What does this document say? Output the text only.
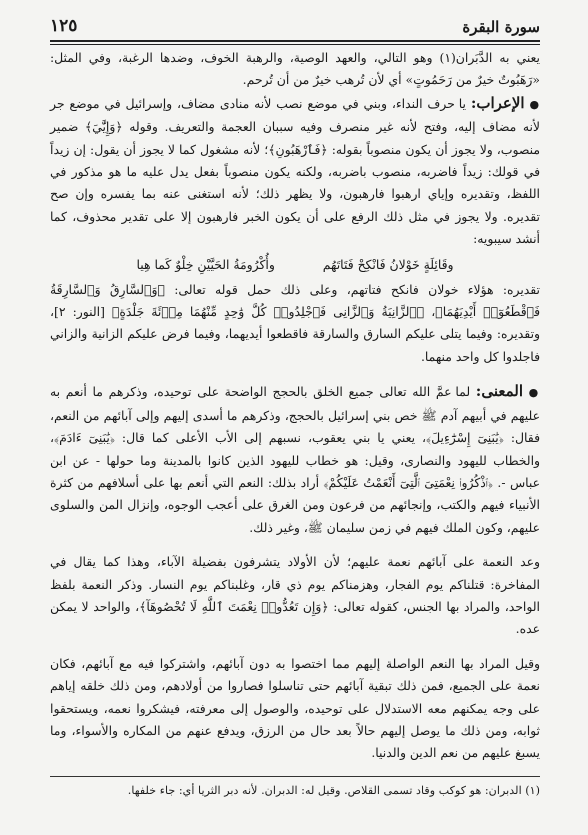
سورة البقرة
١٢٥

يعني به الدَّبَران(١) وهو التالي، والعهد الوصية، والرهبة الخوف، وضدها الرغبة، وفي المثل: «رَهَبُوتٌ خيرٌ من رَحَمُوتٍ» أي لأن تُرهب خيرٌ من أن تُرحم.

● الإعراب: يا حرف النداء، وبني في موضع نصب لأنه منادى مضاف، وإسرائيل في موضع جر لأنه مضاف إليه، وفتح لأنه غير منصرف وفيه سببان العجمة والتعريف. وقوله ﴿وَإِيَّٰيَ﴾ ضمير منصوب، ولا يجوز أن يكون منصوباً بقوله: ﴿فَٱرْهَبُونِ﴾؛ لأنه مشغول كما لا يجوز أن يقول: إن زيداً في قولك: زيداً فاضربه، منصوب باضربه، ولكنه يكون منصوباً بفعل يدل عليه ما هو مذكور في اللفظ، وتقديره وإياي ارهبوا فارهبون، ولا يظهر ذلك؛ لأنه استغنى عنه بما يفسره وإن صح تقديره. ولا يجوز في مثل ذلك الرفع على أن يكون الخبر فارهبون إلا على تقدير محذوف، كما أنشد سيبويه:

وقَائِلَةٍ خَوْلانُ فَانْكِحْ فَتَاتَهُم وأُكْرُومَةُ الحَيَّيْنِ خِلْوٌ كَما هِيا

تقديره: هؤلاء خولان فانكح فتاتهم، وعلى ذلك حمل قوله تعالى: ﴿وَٱلسَّارِقُ وَٱلسَّارِقَةُ فَٱقْطَعُوٓا۟ أَيْدِيَهُمَا﴾، ﴿ٱلزَّانِيَةُ وَٱلزَّانِى فَٱجْلِدُوا۟ كُلَّ وَٰحِدٍ مِّنْهُمَا مِا۟ئَةَ جَلْدَةٍ﴾ [النور: ٢]، وتقديره: وفيما يتلى عليكم السارق والسارقة فاقطعوا أيديهما، وفيما فرض عليكم الزانية والزاني فاجلدوا كل واحد منهما.

● المعنى: لما عمَّ الله تعالى جميع الخلق بالحجج الواضحة على توحيده، وذكرهم ما أنعم به عليهم في أبيهم آدم ﷺ خص بني إسرائيل بالحجج، وذكرهم ما أسدى إليهم وإلى آبائهم من النعم، فقال: ﴿يَٰبَنِىٓ إِسْرَٰٓءِيلَ﴾، يعني يا بني يعقوب، نسبهم إلى الأب الأعلى كما قال: ﴿يَٰبَنِىٓ ءَادَمَ﴾، والخطاب لليهود والنصارى، وقيل: هو خطاب لليهود الذين كانوا بالمدينة وما حولها - عن ابن عباس -. ﴿ٱذْكُرُوا۟ نِعْمَتِىَ ٱلَّتِىٓ أَنْعَمْتُ عَلَيْكُمْ﴾ أراد بذلك: النعم التي أنعم بها على أسلافهم من كثرة الأنبياء فيهم والكتب، وإنجائهم من فرعون ومن الغرق على أعجب الوجوه، وإنزال المن والسلوى عليهم، وكون الملك فيهم في زمن سليمان ﷺ، وغير ذلك.

وعد النعمة على آبائهم نعمة عليهم؛ لأن الأولاد يتشرفون بفضيلة الآباء، وهذا كما يقال في المفاخرة: قتلناكم يوم الفجار، وهزمناكم يوم ذي قار، وغلبناكم يوم النسار. وذكر النعمة بلفظ الواحد، والمراد بها الجنس، كقوله تعالى: ﴿وَإِن تَعُدُّوا۟ نِعْمَتَ ٱللَّهِ لَا تُحْصُوهَآ﴾، والواحد لا يمكن عده.

وقيل المراد بها النعم الواصلة إليهم مما اختصوا به دون آبائهم، واشتركوا فيه مع آبائهم، فكان نعمة على الجميع، فمن ذلك تبقية آبائهم حتى تناسلوا فصاروا من أولادهم، ومن ذلك خلقه إياهم على وجه يمكنهم معه الاستدلال على توحيده، والوصول إلى معرفته، فيشكروا نعمه، ويستحقوا ثوابه، ومن ذلك ما يوصل إليهم حالاً بعد حال من الرزق، ويدفع عنهم من المكاره والأسواء، وما يسبغ عليهم من نعم الدين والدنيا.

(١) الدبران: هو كوكب وقاد تسمى القلاص. وقيل له: الدبران. لأنه دبر الثريا أي: جاء خلفها.
